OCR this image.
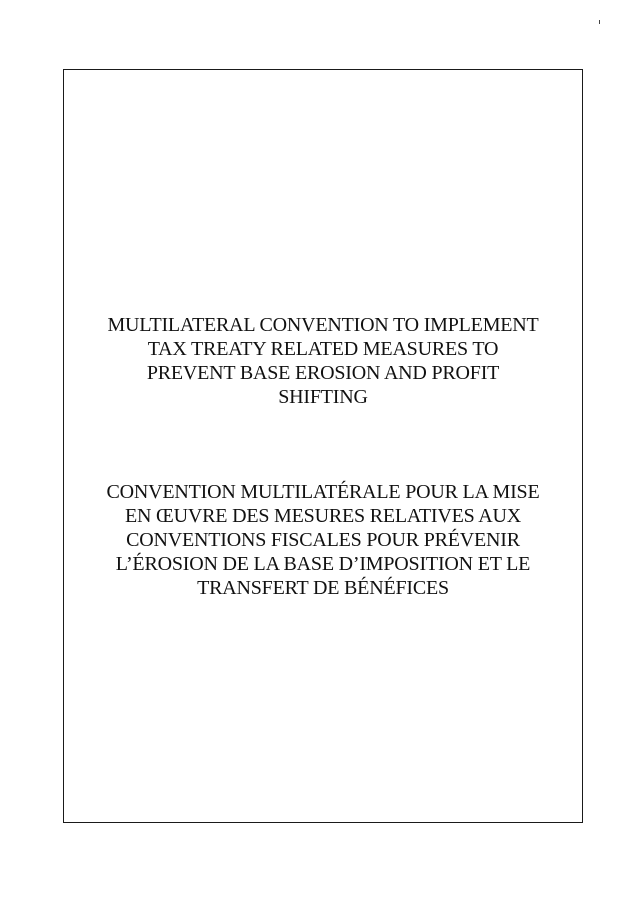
MULTILATERAL CONVENTION TO IMPLEMENT
TAX TREATY RELATED MEASURES TO
PREVENT BASE EROSION AND PROFIT
SHIFTING
CONVENTION MULTILATÉRALE POUR LA MISE
EN ŒUVRE DES MESURES RELATIVES AUX
CONVENTIONS FISCALES POUR PRÉVENIR
L’ÉROSION DE LA BASE D’IMPOSITION ET LE
TRANSFERT DE BÉNÉFICES
